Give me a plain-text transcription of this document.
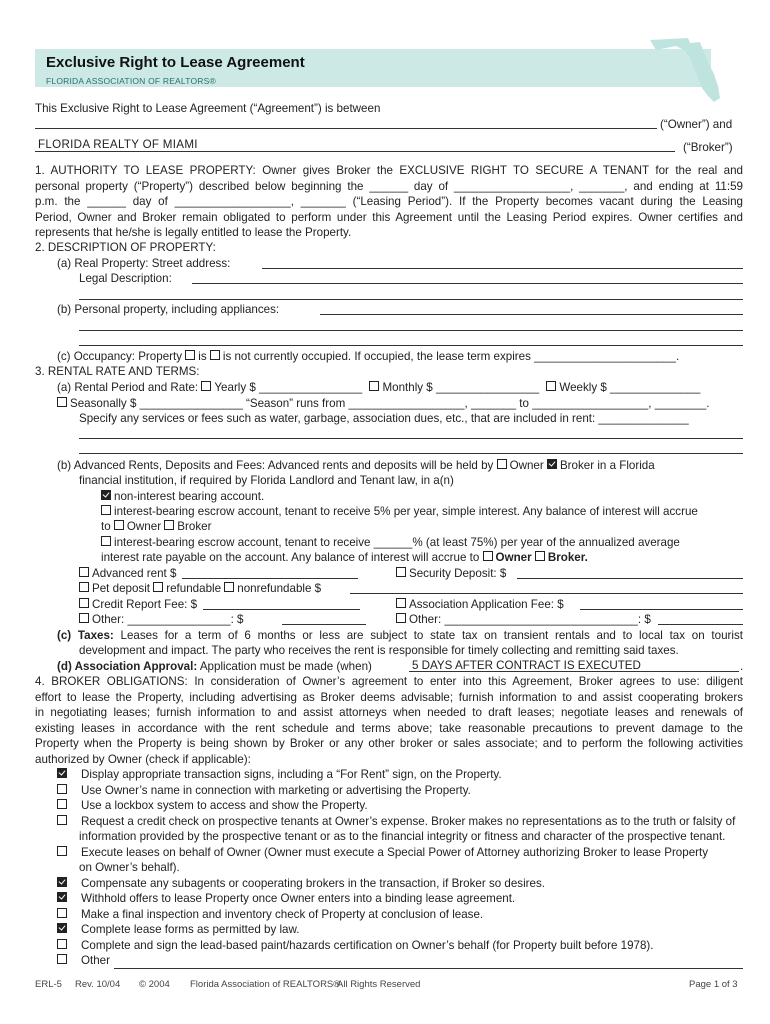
Exclusive Right to Lease Agreement
FLORIDA ASSOCIATION OF REALTORS®
This Exclusive Right to Lease Agreement (“Agreement”) is between
(“Owner”) and
FLORIDA REALTY OF MIAMI	(“Broker”)
1. AUTHORITY TO LEASE PROPERTY: Owner gives Broker the EXCLUSIVE RIGHT TO SECURE A TENANT for the real and
personal property (“Property”) described below beginning the ______ day of __________________, _______, and ending at 11:59
p.m. the ______ day of __________________, _______ (“Leasing Period”). If the Property becomes vacant during the Leasing
Period, Owner and Broker remain obligated to perform under this Agreement until the Leasing Period expires. Owner certifies and
represents that he/she is legally entitled to lease the Property.
2. DESCRIPTION OF PROPERTY:
(a) Real Property: Street address:
Legal Description:
(b) Personal property, including appliances:
(c) Occupancy: Property is is not currently occupied. If occupied, the lease term expires ______________________.
3. RENTAL RATE AND TERMS:
(a) Rental Period and Rate: Yearly $ ________________ Monthly $ ________________ Weekly $ ______________
Seasonally $ ________________ “Season” runs from __________________, _______ to __________________, ________.
Specify any services or fees such as water, garbage, association dues, etc., that are included in rent: ______________
(b) Advanced Rents, Deposits and Fees: Advanced rents and deposits will be held by Owner Broker in a Florida
financial institution, if required by Florida Landlord and Tenant law, in a(n)
non-interest bearing account.
interest-bearing escrow account, tenant to receive 5% per year, simple interest. Any balance of interest will accrue
to Owner Broker
interest-bearing escrow account, tenant to receive ______% (at least 75%) per year of the annualized average
interest rate payable on the account. Any balance of interest will accrue to Owner Broker.
Advanced rent $	Security Deposit: $
Pet deposit refundable nonrefundable $
Credit Report Fee: $	Association Application Fee: $
Other: ________________: $	Other: ______________________________: $
(c) Taxes: Leases for a term of 6 months or less are subject to state tax on transient rentals and to local tax on tourist
development and impact. The party who receives the rent is responsible for timely collecting and remitting said taxes.
(d) Association Approval: Application must be made (when)	5 DAYS AFTER CONTRACT IS EXECUTED	.
4. BROKER OBLIGATIONS: In consideration of Owner’s agreement to enter into this Agreement, Broker agrees to use: diligent
effort to lease the Property, including advertising as Broker deems advisable; furnish information to and assist cooperating brokers
in negotiating leases; furnish information to and assist attorneys when needed to draft leases; negotiate leases and renewals of
existing leases in accordance with the rent schedule and terms above; take reasonable precautions to prevent damage to the
Property when the Property is being shown by Broker or any other broker or sales associate; and to perform the following activities
authorized by Owner (check if applicable):
Display appropriate transaction signs, including a “For Rent” sign, on the Property.
Use Owner’s name in connection with marketing or advertising the Property.
Use a lockbox system to access and show the Property.
Request a credit check on prospective tenants at Owner’s expense. Broker makes no representations as to the truth or falsity of
information provided by the prospective tenant or as to the financial integrity or fitness and character of the prospective tenant.
Execute leases on behalf of Owner (Owner must execute a Special Power of Attorney authorizing Broker to lease Property
on Owner’s behalf).
Compensate any subagents or cooperating brokers in the transaction, if Broker so desires.
Withhold offers to lease Property once Owner enters into a binding lease agreement.
Make a final inspection and inventory check of Property at conclusion of lease.
Complete lease forms as permitted by law.
Complete and sign the lead-based paint/hazards certification on Owner’s behalf (for Property built before 1978).
Other
ERL-5 Rev. 10/04 © 2004 Florida Association of REALTORS®
All Rights Reserved	Page 1 of 3
